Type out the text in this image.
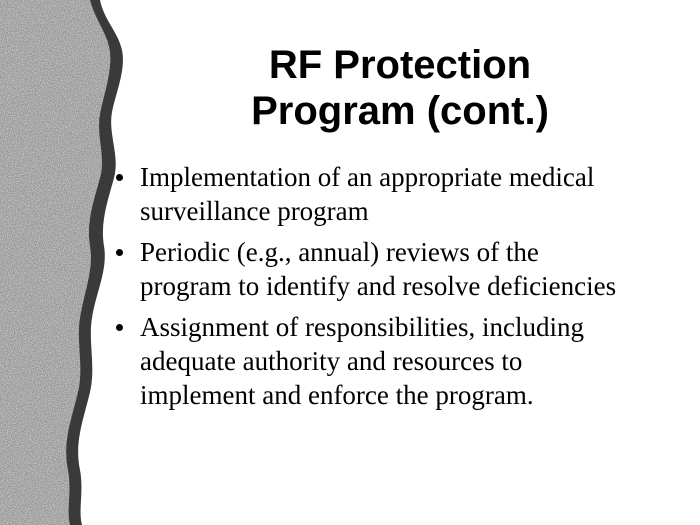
RF Protection
Program (cont.)
Implementation of an appropriate medical
surveillance program
Periodic (e.g., annual) reviews of the
program to identify and resolve deficiencies
Assignment of responsibilities, including
adequate authority and resources to
implement and enforce the program.
